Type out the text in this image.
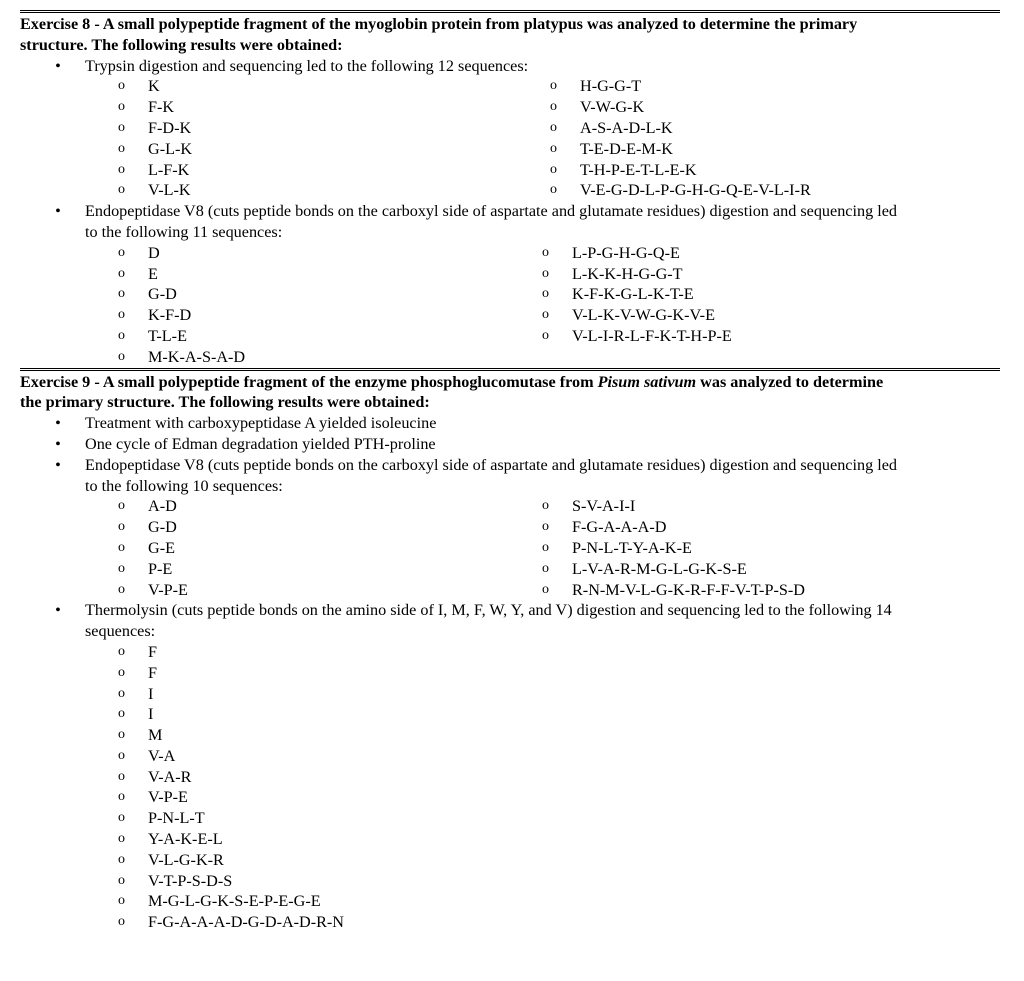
Exercise 8 - A small polypeptide fragment of the myoglobin protein from platypus was analyzed to determine the primary
structure. The following results were obtained:
• Trypsin digestion and sequencing led to the following 12 sequences:
o K	o H-G-G-T
o F-K	o V-W-G-K
o F-D-K	o A-S-A-D-L-K
o G-L-K	o T-E-D-E-M-K
o L-F-K	o T-H-P-E-T-L-E-K
o V-L-K	o V-E-G-D-L-P-G-H-G-Q-E-V-L-I-R
• Endopeptidase V8 (cuts peptide bonds on the carboxyl side of aspartate and glutamate residues) digestion and sequencing led
to the following 11 sequences:
o D	o L-P-G-H-G-Q-E
o E	o L-K-K-H-G-G-T
o G-D	o K-F-K-G-L-K-T-E
o K-F-D	o V-L-K-V-W-G-K-V-E
o T-L-E	o V-L-I-R-L-F-K-T-H-P-E
o M-K-A-S-A-D
Exercise 9 - A small polypeptide fragment of the enzyme phosphoglucomutase from Pisum sativum was analyzed to determine
the primary structure. The following results were obtained:
• Treatment with carboxypeptidase A yielded isoleucine
• One cycle of Edman degradation yielded PTH-proline
• Endopeptidase V8 (cuts peptide bonds on the carboxyl side of aspartate and glutamate residues) digestion and sequencing led
to the following 10 sequences:
o A-D	o S-V-A-I-I
o G-D	o F-G-A-A-A-D
o G-E	o P-N-L-T-Y-A-K-E
o P-E	o L-V-A-R-M-G-L-G-K-S-E
o V-P-E	o R-N-M-V-L-G-K-R-F-F-V-T-P-S-D
• Thermolysin (cuts peptide bonds on the amino side of I, M, F, W, Y, and V) digestion and sequencing led to the following 14
sequences:
o F
o F
o I
o I
o M
o V-A
o V-A-R
o V-P-E
o P-N-L-T
o Y-A-K-E-L
o V-L-G-K-R
o V-T-P-S-D-S
o M-G-L-G-K-S-E-P-E-G-E
o F-G-A-A-A-D-G-D-A-D-R-N
